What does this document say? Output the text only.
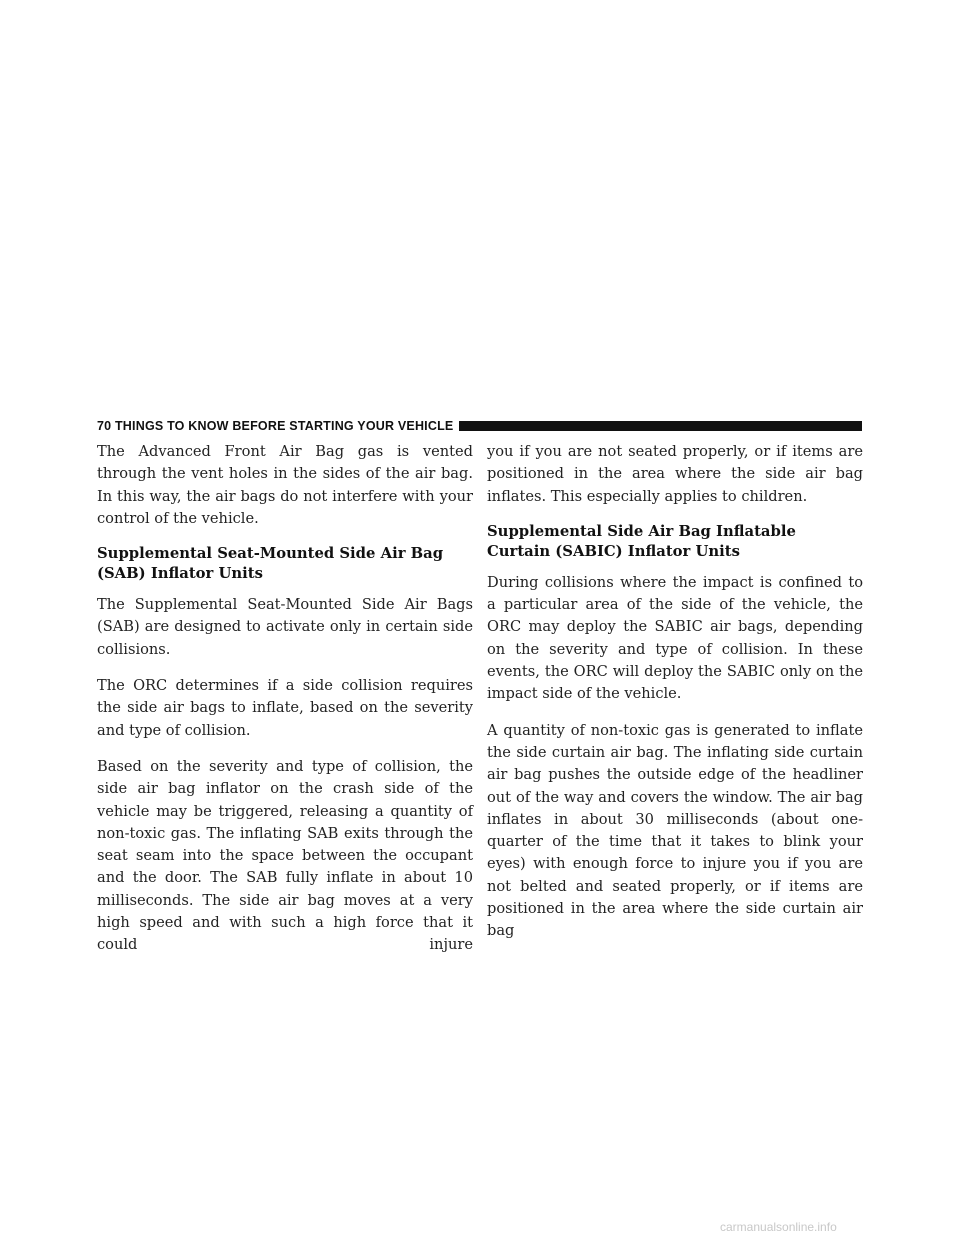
70 THINGS TO KNOW BEFORE STARTING YOUR VEHICLE

The Advanced Front Air Bag gas is vented through the vent holes in the sides of the air bag. In this way, the air bags do not interfere with your control of the vehicle.

Supplemental Seat-Mounted Side Air Bag (SAB) Inflator Units

The Supplemental Seat-Mounted Side Air Bags (SAB) are designed to activate only in certain side collisions.

The ORC determines if a side collision requires the side air bags to inflate, based on the severity and type of collision.

Based on the severity and type of collision, the side air bag inflator on the crash side of the vehicle may be triggered, releasing a quantity of non-toxic gas. The inflating SAB exits through the seat seam into the space between the occupant and the door. The SAB fully inflate in about 10 milliseconds. The side air bag moves at a very high speed and with such a high force that it could injure

you if you are not seated properly, or if items are positioned in the area where the side air bag inflates. This especially applies to children.

Supplemental Side Air Bag Inflatable Curtain (SABIC) Inflator Units

During collisions where the impact is confined to a particular area of the side of the vehicle, the ORC may deploy the SABIC air bags, depending on the severity and type of collision. In these events, the ORC will deploy the SABIC only on the impact side of the vehicle.

A quantity of non-toxic gas is generated to inflate the side curtain air bag. The inflating side curtain air bag pushes the outside edge of the headliner out of the way and covers the window. The air bag inflates in about 30 milliseconds (about one-quarter of the time that it takes to blink your eyes) with enough force to injure you if you are not belted and seated properly, or if items are positioned in the area where the side curtain air bag

carmanualsonline.info
